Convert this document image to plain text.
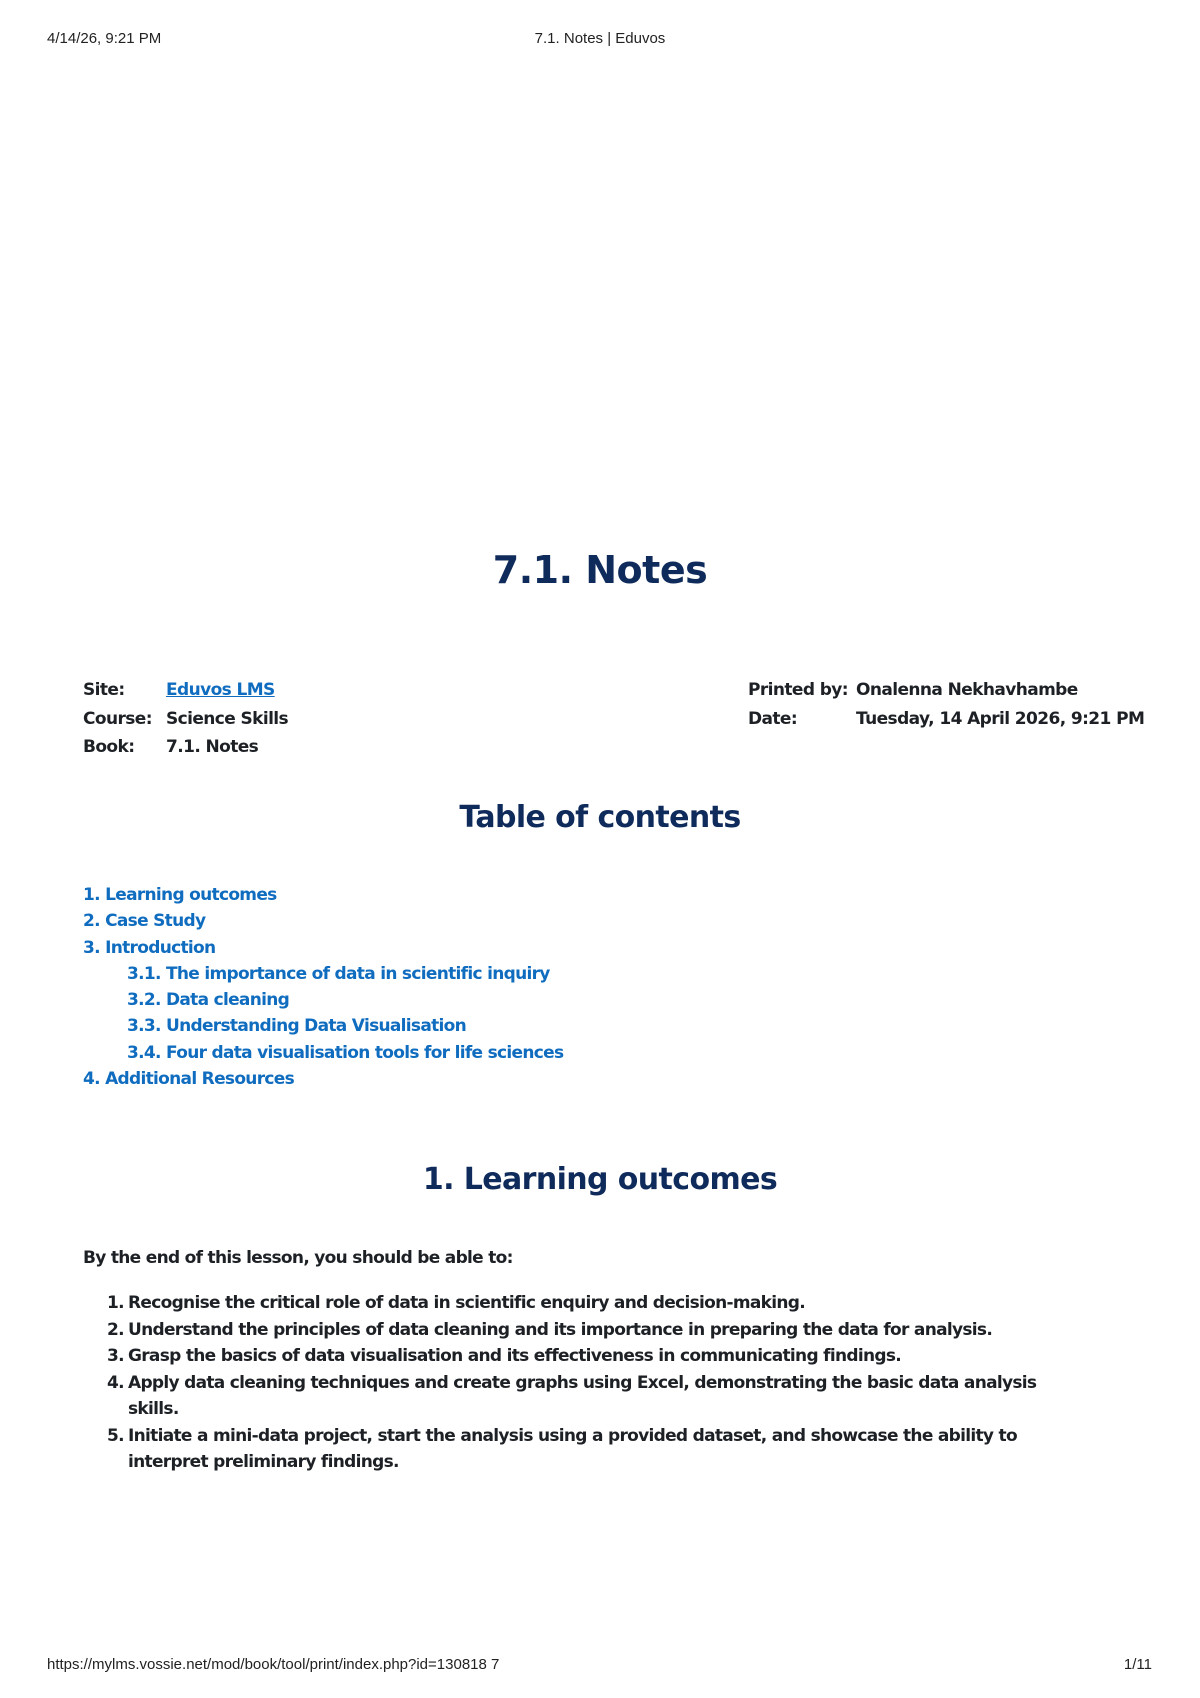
4/14/26, 9:21 PM	7.1. Notes | Eduvos
7.1. Notes
Site: Eduvos LMS
Course: Science Skills
Book: 7.1. Notes
Printed by: Onalenna Nekhavhambe
Date:	Tuesday, 14 April 2026, 9:21 PM
Table of contents
1. Learning outcomes
2. Case Study
3. Introduction
3.1. The importance of data in scientific inquiry
3.2. Data cleaning
3.3. Understanding Data Visualisation
3.4. Four data visualisation tools for life sciences
4. Additional Resources
1. Learning outcomes
By the end of this lesson, you should be able to:
1. Recognise the critical role of data in scientific enquiry and decision-making.
2. Understand the principles of data cleaning and its importance in preparing the data for analysis.
3. Grasp the basics of data visualisation and its effectiveness in communicating findings.
4. Apply data cleaning techniques and create graphs using Excel, demonstrating the basic data analysis skills.
5. Initiate a mini-data project, start the analysis using a provided dataset, and showcase the ability to interpret preliminary findings.
https://mylms.vossie.net/mod/book/tool/print/index.php?id=130818 7	1/11
